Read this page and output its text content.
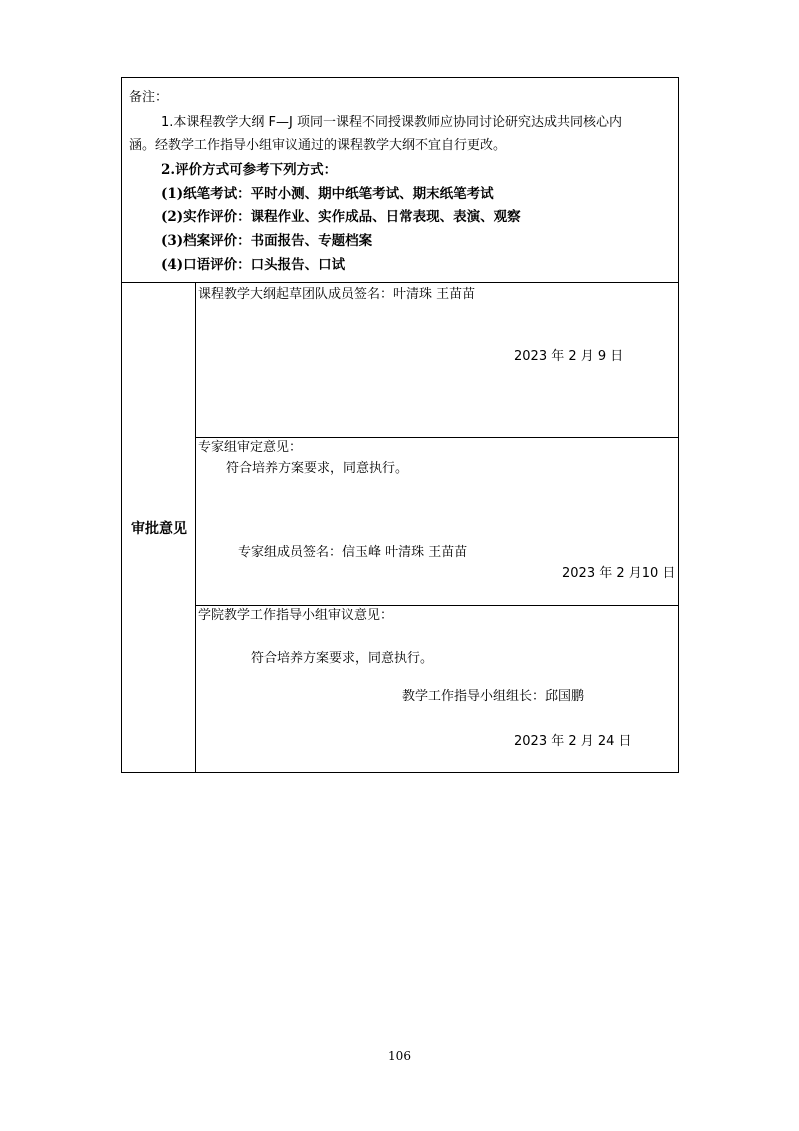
备注：
1.本课程教学大纲 F—J 项同一课程不同授课教师应协同讨论研究达成共同核心内
涵。经教学工作指导小组审议通过的课程教学大纲不宜自行更改。
2.评价方式可参考下列方式：
(1)纸笔考试：平时小测、期中纸笔考试、期末纸笔考试
(2)实作评价：课程作业、实作成品、日常表现、表演、观察
(3)档案评价：书面报告、专题档案
(4)口语评价：口头报告、口试
审批意见
课程教学大纲起草团队成员签名：叶清珠 王苗苗
2023 年 2 月 9 日
专家组审定意见：
符合培养方案要求，同意执行。
专家组成员签名：信玉峰 叶清珠 王苗苗
2023 年 2 月10 日
学院教学工作指导小组审议意见：
符合培养方案要求，同意执行。
教学工作指导小组组长：邱国鹏
2023 年 2 月 24 日
106
